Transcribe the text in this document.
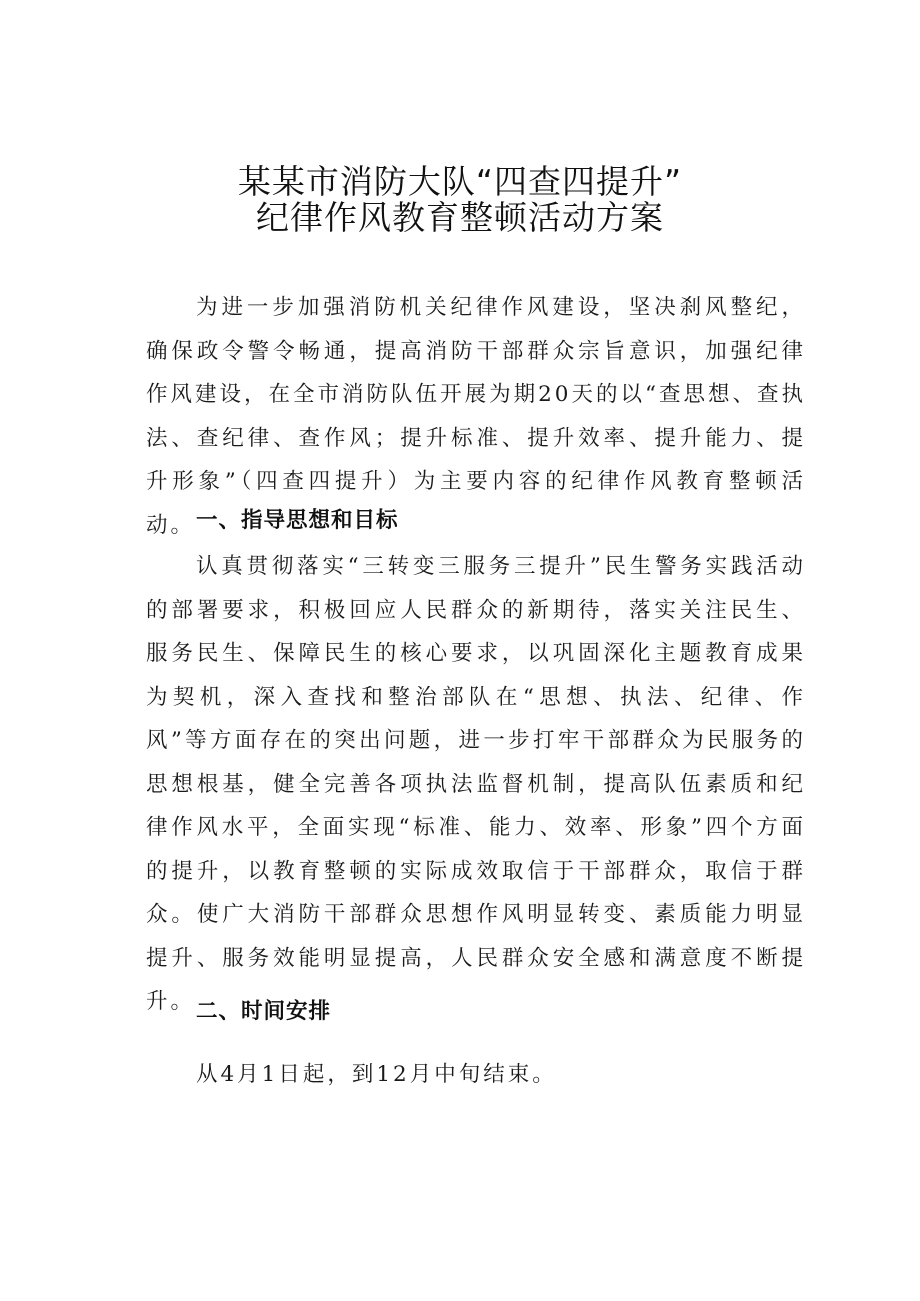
某某市消防大队“四查四提升”
纪律作风教育整顿活动方案

为进一步加强消防机关纪律作风建设，坚决刹风整纪，确保政令警令畅通，提高消防干部群众宗旨意识，加强纪律作风建设，在全市消防队伍开展为期20天的以“查思想、查执法、查纪律、查作风；提升标准、提升效率、提升能力、提升形象”（四查四提升）为主要内容的纪律作风教育整顿活动。 一、指导思想和目标

认真贯彻落实“三转变三服务三提升”民生警务实践活动的部署要求，积极回应人民群众的新期待，落实关注民生、服务民生、保障民生的核心要求，以巩固深化主题教育成果为契机，深入查找和整治部队在“思想、执法、纪律、作风”等方面存在的突出问题，进一步打牢干部群众为民服务的思想根基，健全完善各项执法监督机制，提高队伍素质和纪律作风水平，全面实现“标准、能力、效率、形象”四个方面的提升，以教育整顿的实际成效取信于干部群众，取信于群众。使广大消防干部群众思想作风明显转变、素质能力明显提升、服务效能明显提高，人民群众安全感和满意度不断提升。 二、时间安排

从4月1日起，到12月中旬结束。
